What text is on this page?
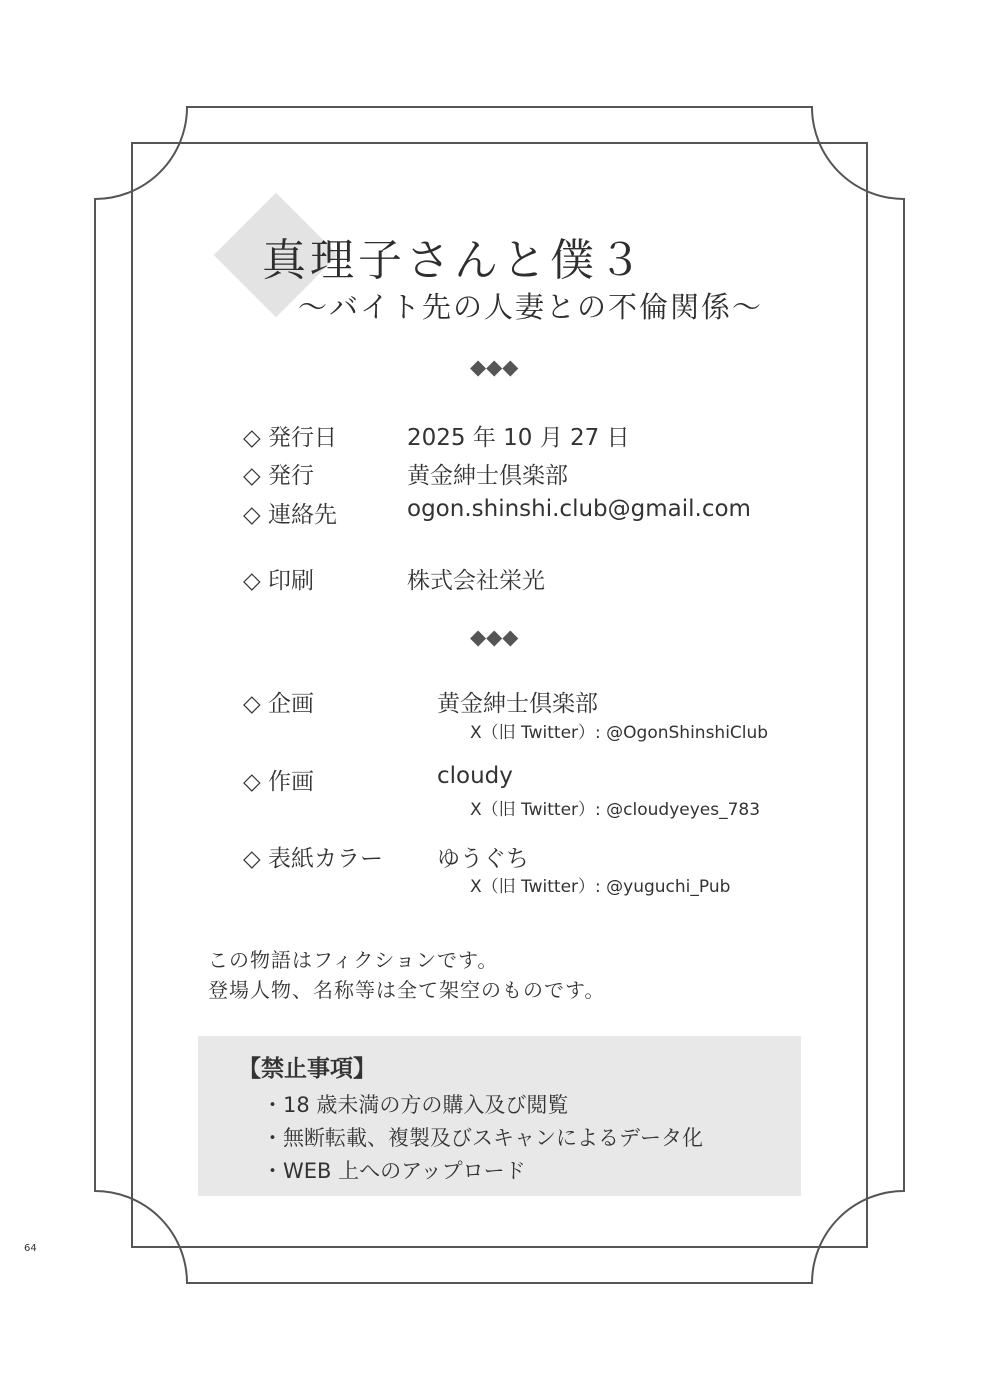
真理子さんと僕３
〜バイト先の人妻との不倫関係〜
◆◆◆
◇ 発行日	2025 年 10 月 27 日
◇ 発行	黄金紳士倶楽部
◇ 連絡先	ogon.shinshi.club@gmail.com
◇ 印刷	株式会社栄光
◆◆◆
◇ 企画	黄金紳士倶楽部
X（旧 Twitter）: @OgonShinshiClub
◇ 作画	cloudy
X（旧 Twitter）: @cloudyeyes_783
◇ 表紙カラー ゆうぐち
X（旧 Twitter）: @yuguchi_Pub
この物語はフィクションです。
登場人物、名称等は全て架空のものです。
【禁止事項】
・18 歳未満の方の購入及び閲覧
・無断転載、複製及びスキャンによるデータ化
・WEB 上へのアップロード
64
